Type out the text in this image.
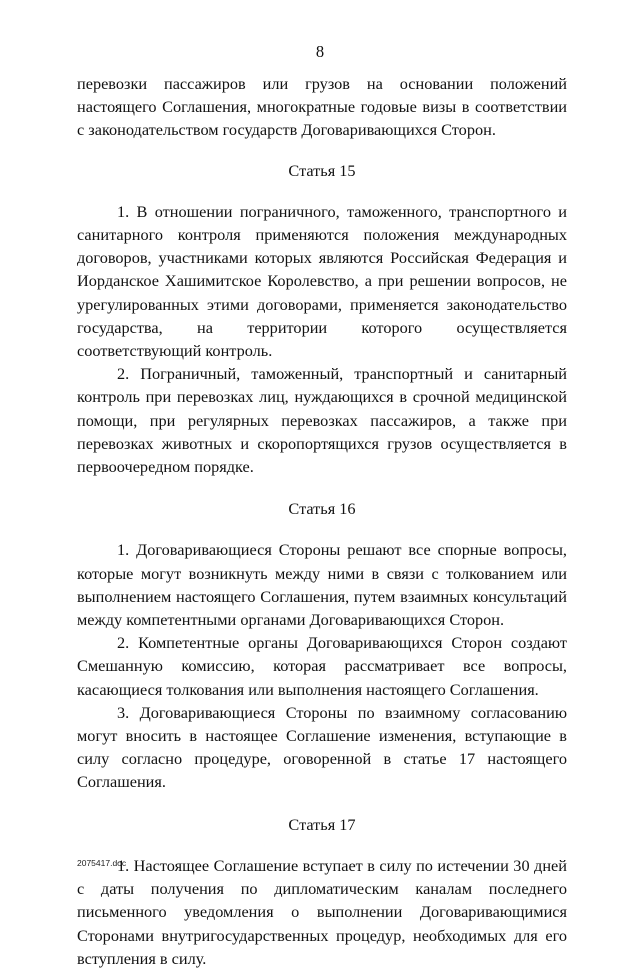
8

перевозки пассажиров или грузов на основании положений настоящего Соглашения, многократные годовые визы в соответствии с законодательством государств Договаривающихся Сторон.

Статья 15

1. В отношении пограничного, таможенного, транспортного и санитарного контроля применяются положения международных договоров, участниками которых являются Российская Федерация и Иорданское Хашимитское Королевство, а при решении вопросов, не урегулированных этими договорами, применяется законодательство государства, на территории которого осуществляется соответствующий контроль.

2. Пограничный, таможенный, транспортный и санитарный контроль при перевозках лиц, нуждающихся в срочной медицинской помощи, при регулярных перевозках пассажиров, а также при перевозках животных и скоропортящихся грузов осуществляется в первоочередном порядке.

Статья 16

1. Договаривающиеся Стороны решают все спорные вопросы, которые могут возникнуть между ними в связи с толкованием или выполнением настоящего Соглашения, путем взаимных консультаций между компетентными органами Договаривающихся Сторон.

2. Компетентные органы Договаривающихся Сторон создают Смешанную комиссию, которая рассматривает все вопросы, касающиеся толкования или выполнения настоящего Соглашения.

3. Договаривающиеся Стороны по взаимному согласованию могут вносить в настоящее Соглашение изменения, вступающие в силу согласно процедуре, оговоренной в статье 17 настоящего Соглашения.

Статья 17

1. Настоящее Соглашение вступает в силу по истечении 30 дней с даты получения по дипломатическим каналам последнего письменного уведомления о выполнении Договаривающимися Сторонами внутригосударственных процедур, необходимых для его вступления в силу.

2075417.doc
